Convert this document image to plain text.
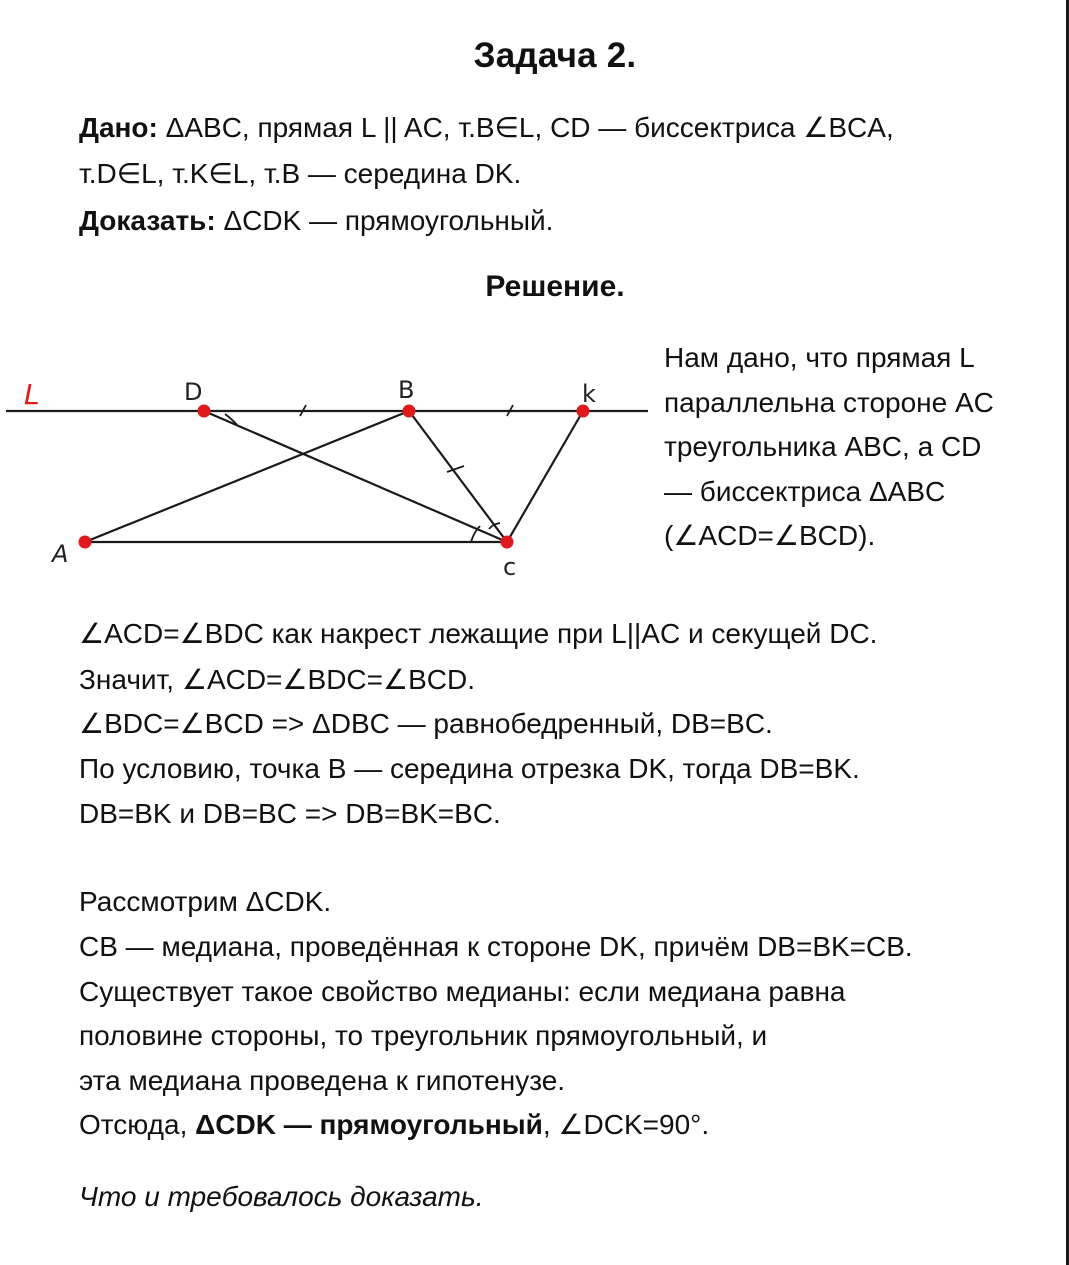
Задача 2.
Дано: ΔABC, прямая L || AC, т.B∈L, CD — биссектриса ∠BCA,
т.D∈L, т.K∈L, т.B — середина DK.
Доказать: ΔCDK — прямоугольный.
Решение.
L	D	B	k
A	c
Нам дано, что прямая L
параллельна стороне AC
треугольника ABC, а CD
— биссектриса ΔABC
(∠ACD=∠BCD).
∠ACD=∠BDC как накрест лежащие при L||AC и секущей DC.
Значит, ∠ACD=∠BDC=∠BCD.
∠BDC=∠BCD => ΔDBC — равнобедренный, DB=BC.
По условию, точка B — середина отрезка DK, тогда DB=BK.
DB=BK и DB=BC => DB=BK=BC.
Рассмотрим ΔCDK.
CB — медиана, проведённая к стороне DK, причём DB=BK=CB.
Существует такое свойство медианы: если медиана равна
половине стороны, то треугольник прямоугольный, и
эта медиана проведена к гипотенузе.
Отсюда, ΔCDK — прямоугольный, ∠DCK=90°.
Что и требовалось доказать.
